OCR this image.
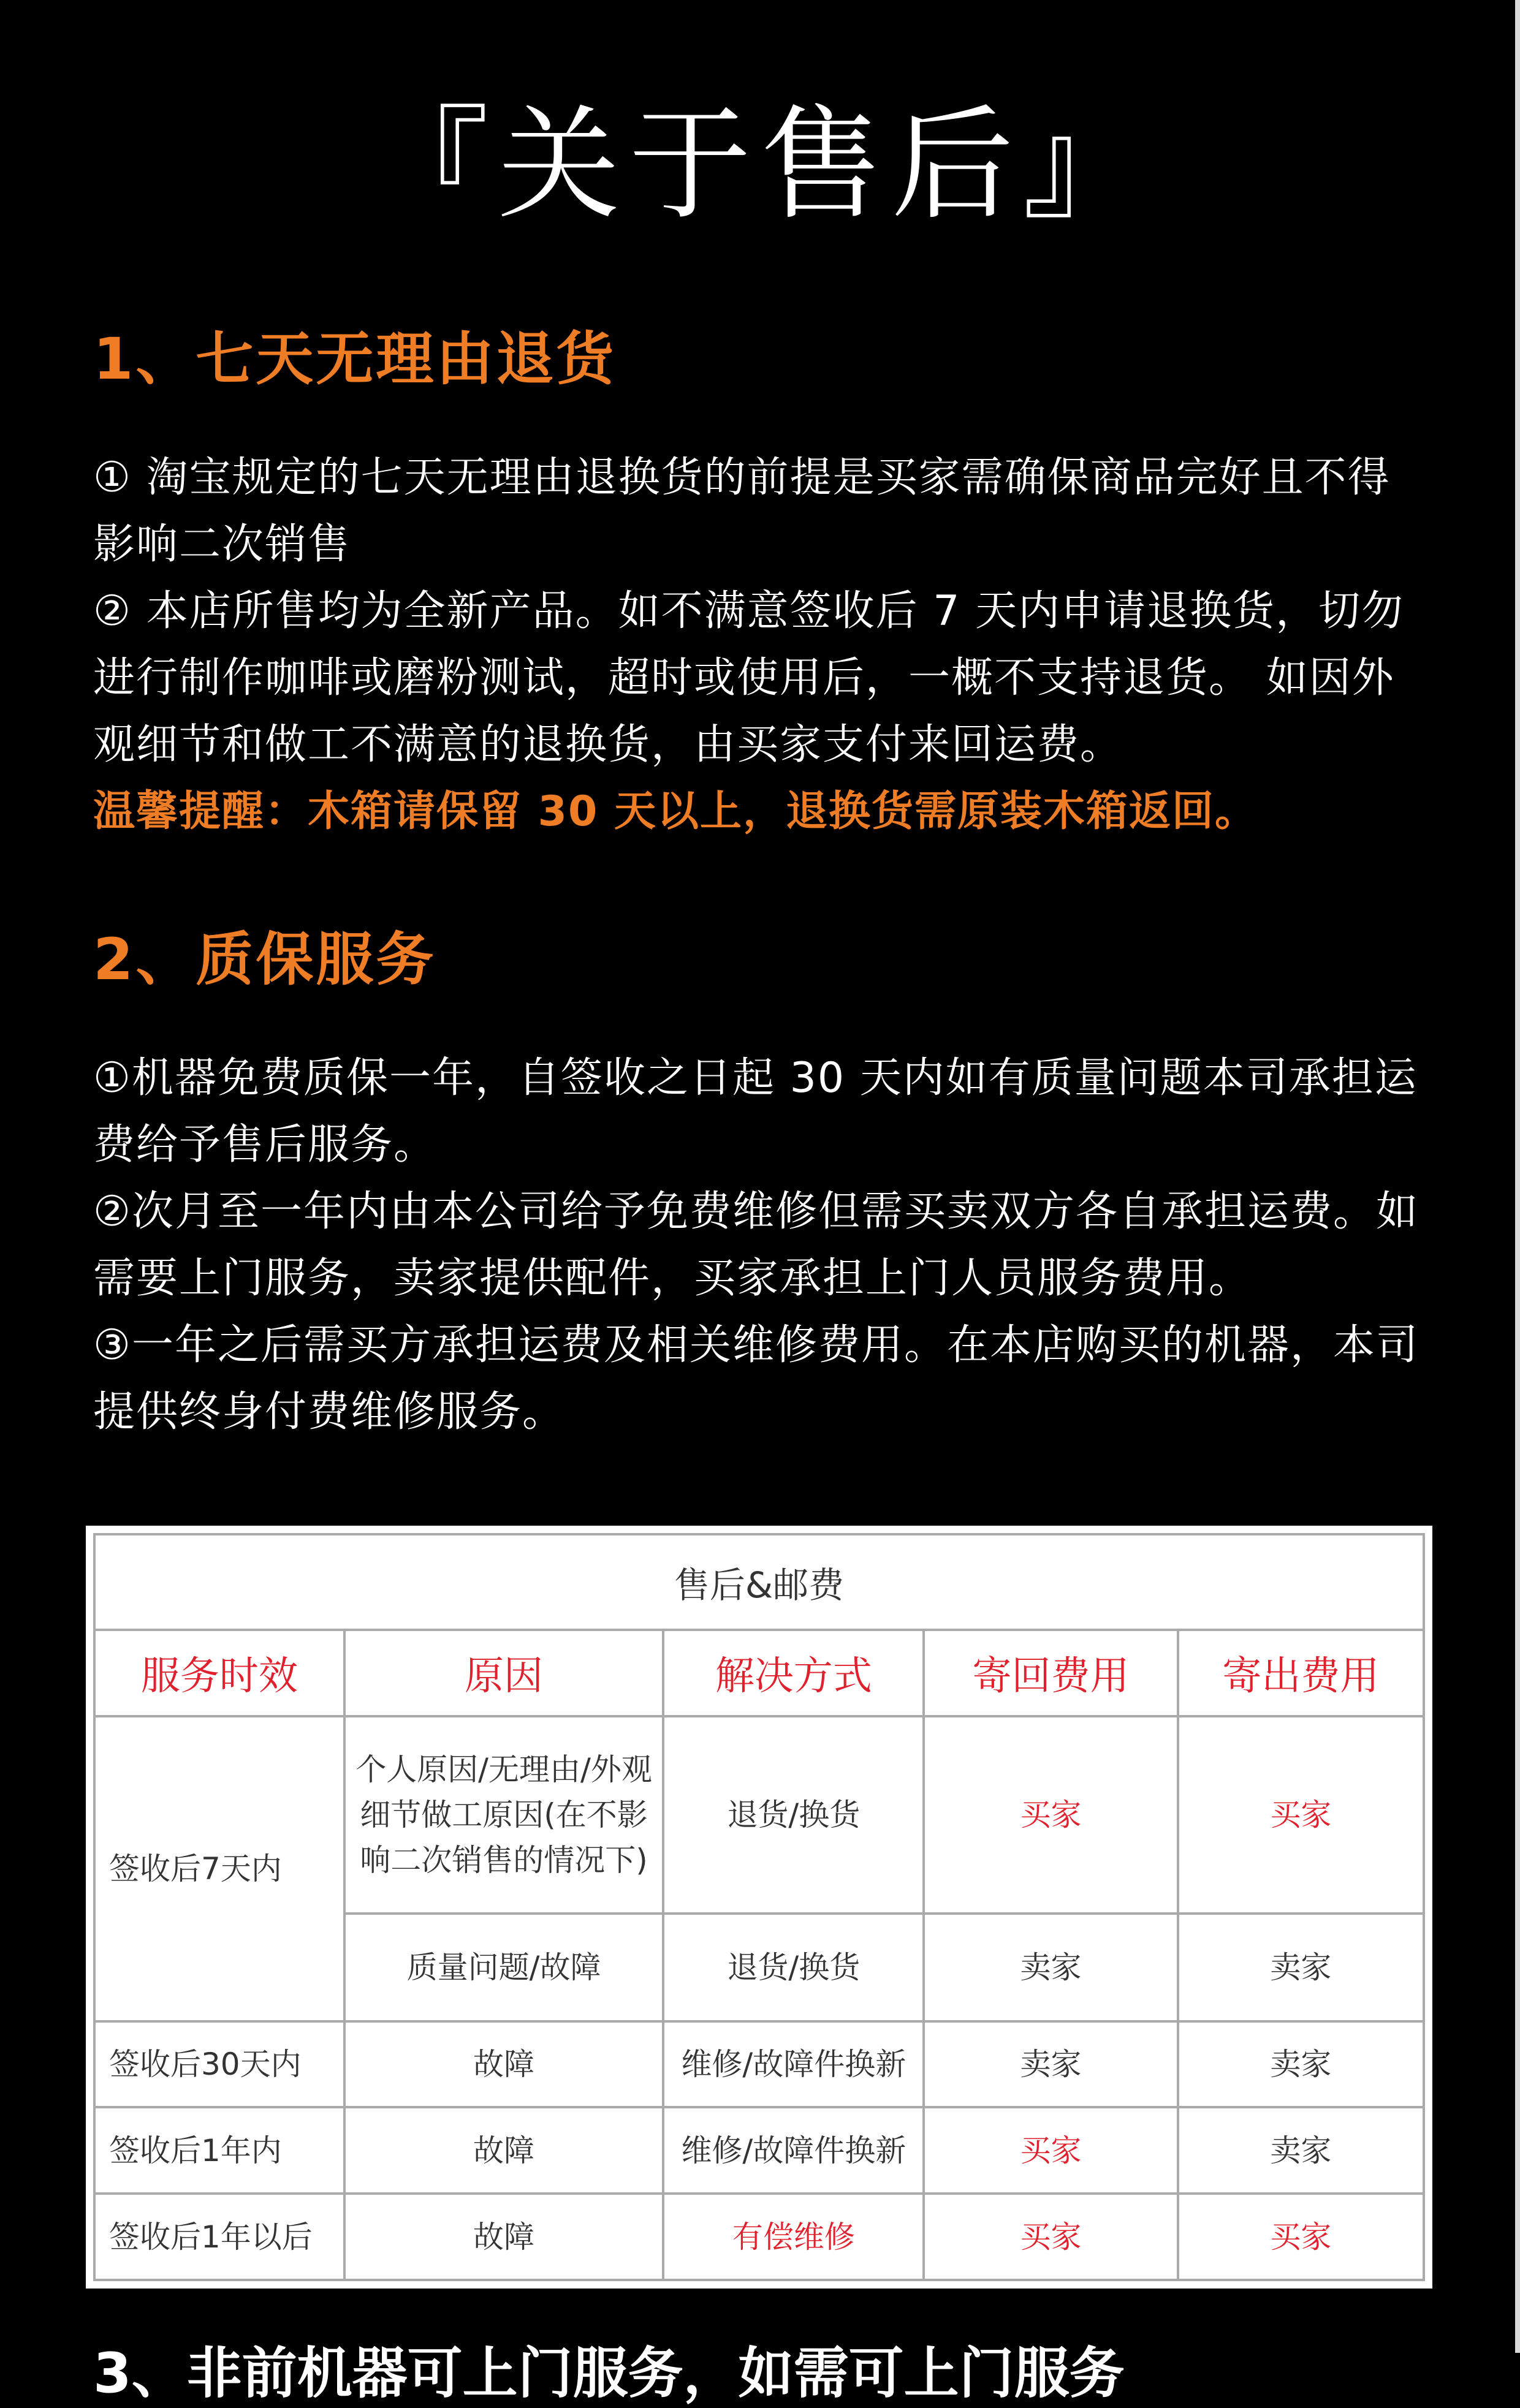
『关于售后』
1、七天无理由退货

① 淘宝规定的七天无理由退换货的前提是买家需确保商品完好且不得影响二次销售

② 本店所售均为全新产品。如不满意签收后 7 天内申请退换货，切勿进行制作咖啡或磨粉测试，超时或使用后，一概不支持退货。 如因外观细节和做工不满意的退换货，由买家支付来回运费。

温馨提醒：木箱请保留 30 天以上，退换货需原装木箱返回。

2、质保服务

①机器免费质保一年，自签收之日起 30 天内如有质量问题本司承担运费给予售后服务。

②次月至一年内由本公司给予免费维修但需买卖双方各自承担运费。如需要上门服务，卖家提供配件，买家承担上门人员服务费用。

③一年之后需买方承担运费及相关维修费用。在本店购买的机器，本司提供终身付费维修服务。

售后&邮费				
服务时效	原因	解决方式	寄回费用	寄出费用
签收后7天内	个人原因/无理由/外观细节做工原因(在不影响二次销售的情况下)	退货/换货	买家	买家
	质量问题/故障	退货/换货	卖家	卖家
签收后30天内	故障	维修/故障件换新	卖家	卖家
签收后1年内	故障	维修/故障件换新	买家	卖家
签收后1年以后	故障	有偿维修	买家	买家
3、非前机器可上门服务，如需可上门服务
